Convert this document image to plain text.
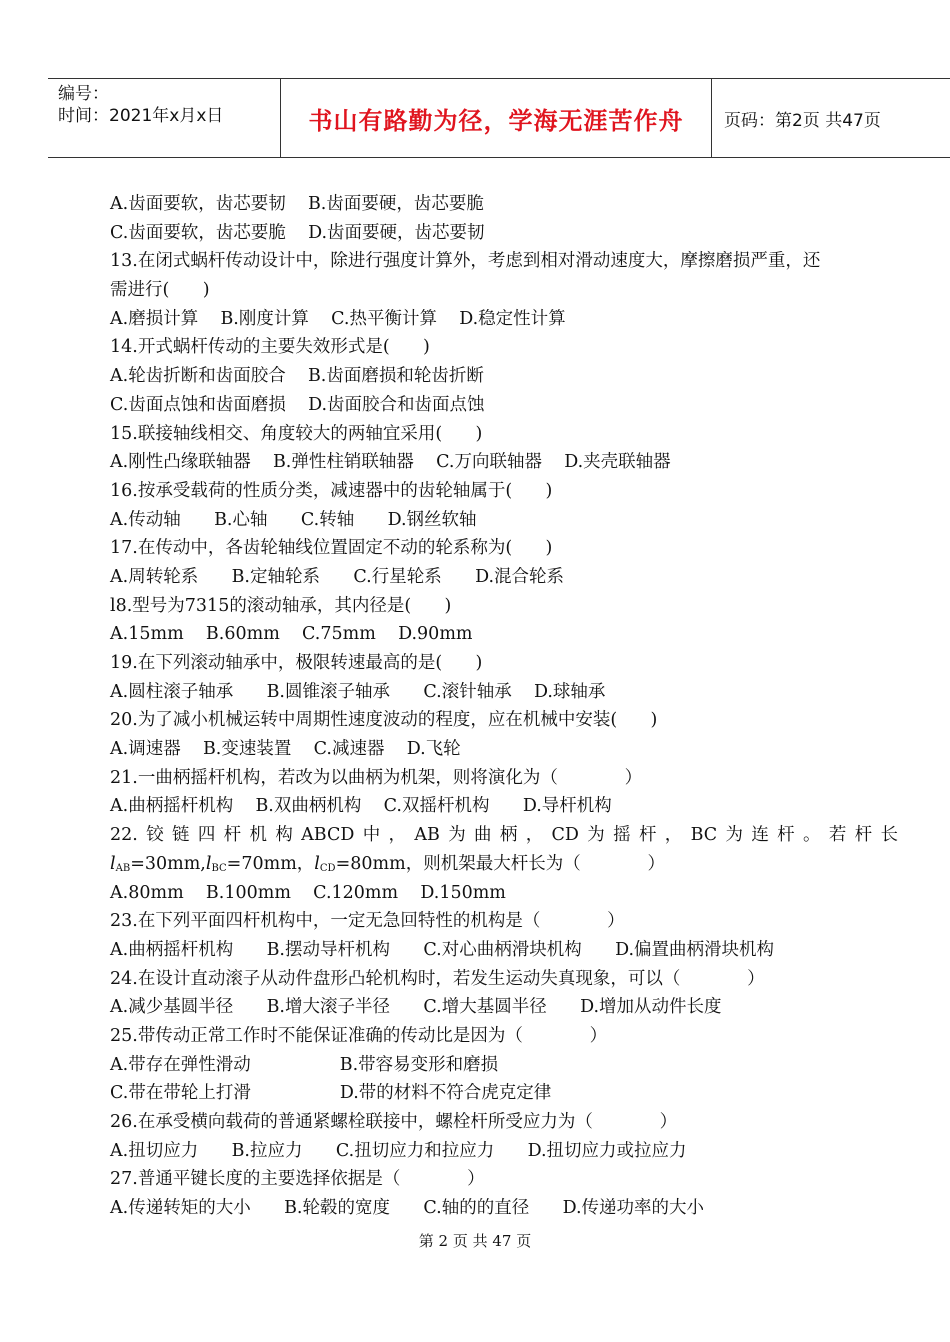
编号：
时间：2021年x月x日	书山有路勤为径，学海无涯苦作舟	页码：第2页 共47页
A.齿面要软，齿芯要韧    B.齿面要硬，齿芯要脆
C.齿面要软，齿芯要脆    D.齿面要硬，齿芯要韧
13.在闭式蜗杆传动设计中，除进行强度计算外，考虑到相对滑动速度大，摩擦磨损严重，还
需进行(      )
A.磨损计算    B.刚度计算    C.热平衡计算    D.稳定性计算
14.开式蜗杆传动的主要失效形式是(      )
A.轮齿折断和齿面胶合    B.齿面磨损和轮齿折断
C.齿面点蚀和齿面磨损    D.齿面胶合和齿面点蚀
15.联接轴线相交、角度较大的两轴宜采用(      )
A.刚性凸缘联轴器    B.弹性柱销联轴器    C.万向联轴器    D.夹壳联轴器
16.按承受载荷的性质分类，减速器中的齿轮轴属于(      )
A.传动轴      B.心轴      C.转轴      D.钢丝软轴
17.在传动中，各齿轮轴线位置固定不动的轮系称为(      )
A.周转轮系      B.定轴轮系      C.行星轮系      D.混合轮系
l8.型号为7315的滚动轴承，其内径是(      )
A.15mm    B.60mm    C.75mm    D.90mm
19.在下列滚动轴承中，极限转速最高的是(      )
A.圆柱滚子轴承      B.圆锥滚子轴承      C.滚针轴承    D.球轴承
20.为了减小机械运转中周期性速度波动的程度，应在机械中安装(      )
A.调速器    B.变速装置    C.减速器    D.飞轮
21.一曲柄摇杆机构，若改为以曲柄为机架，则将演化为（            ）
A.曲柄摇杆机构    B.双曲柄机构    C.双摇杆机构      D.导杆机构
22.铰链四杆机构ABCD中，AB为曲柄，CD为摇杆，BC为连杆。若杆长
$l_{AB}=30mm,l_{BC}=70mm$，$l_{CD}=80mm$，则机架最大杆长为（            ）
A.80mm    B.100mm    C.120mm    D.150mm
23.在下列平面四杆机构中，一定无急回特性的机构是（            ）
A.曲柄摇杆机构      B.摆动导杆机构      C.对心曲柄滑块机构      D.偏置曲柄滑块机构
24.在设计直动滚子从动件盘形凸轮机构时，若发生运动失真现象，可以（            ）
A.减少基圆半径      B.增大滚子半径      C.增大基圆半径      D.增加从动件长度
25.带传动正常工作时不能保证准确的传动比是因为（            ）
A.带存在弹性滑动                B.带容易变形和磨损
C.带在带轮上打滑                D.带的材料不符合虎克定律
26.在承受横向载荷的普通紧螺栓联接中，螺栓杆所受应力为（            ）
A.扭切应力      B.拉应力      C.扭切应力和拉应力      D.扭切应力或拉应力
27.普通平键长度的主要选择依据是（            ）
A.传递转矩的大小      B.轮毂的宽度      C.轴的的直径      D.传递功率的大小
第 2 页 共 47 页
